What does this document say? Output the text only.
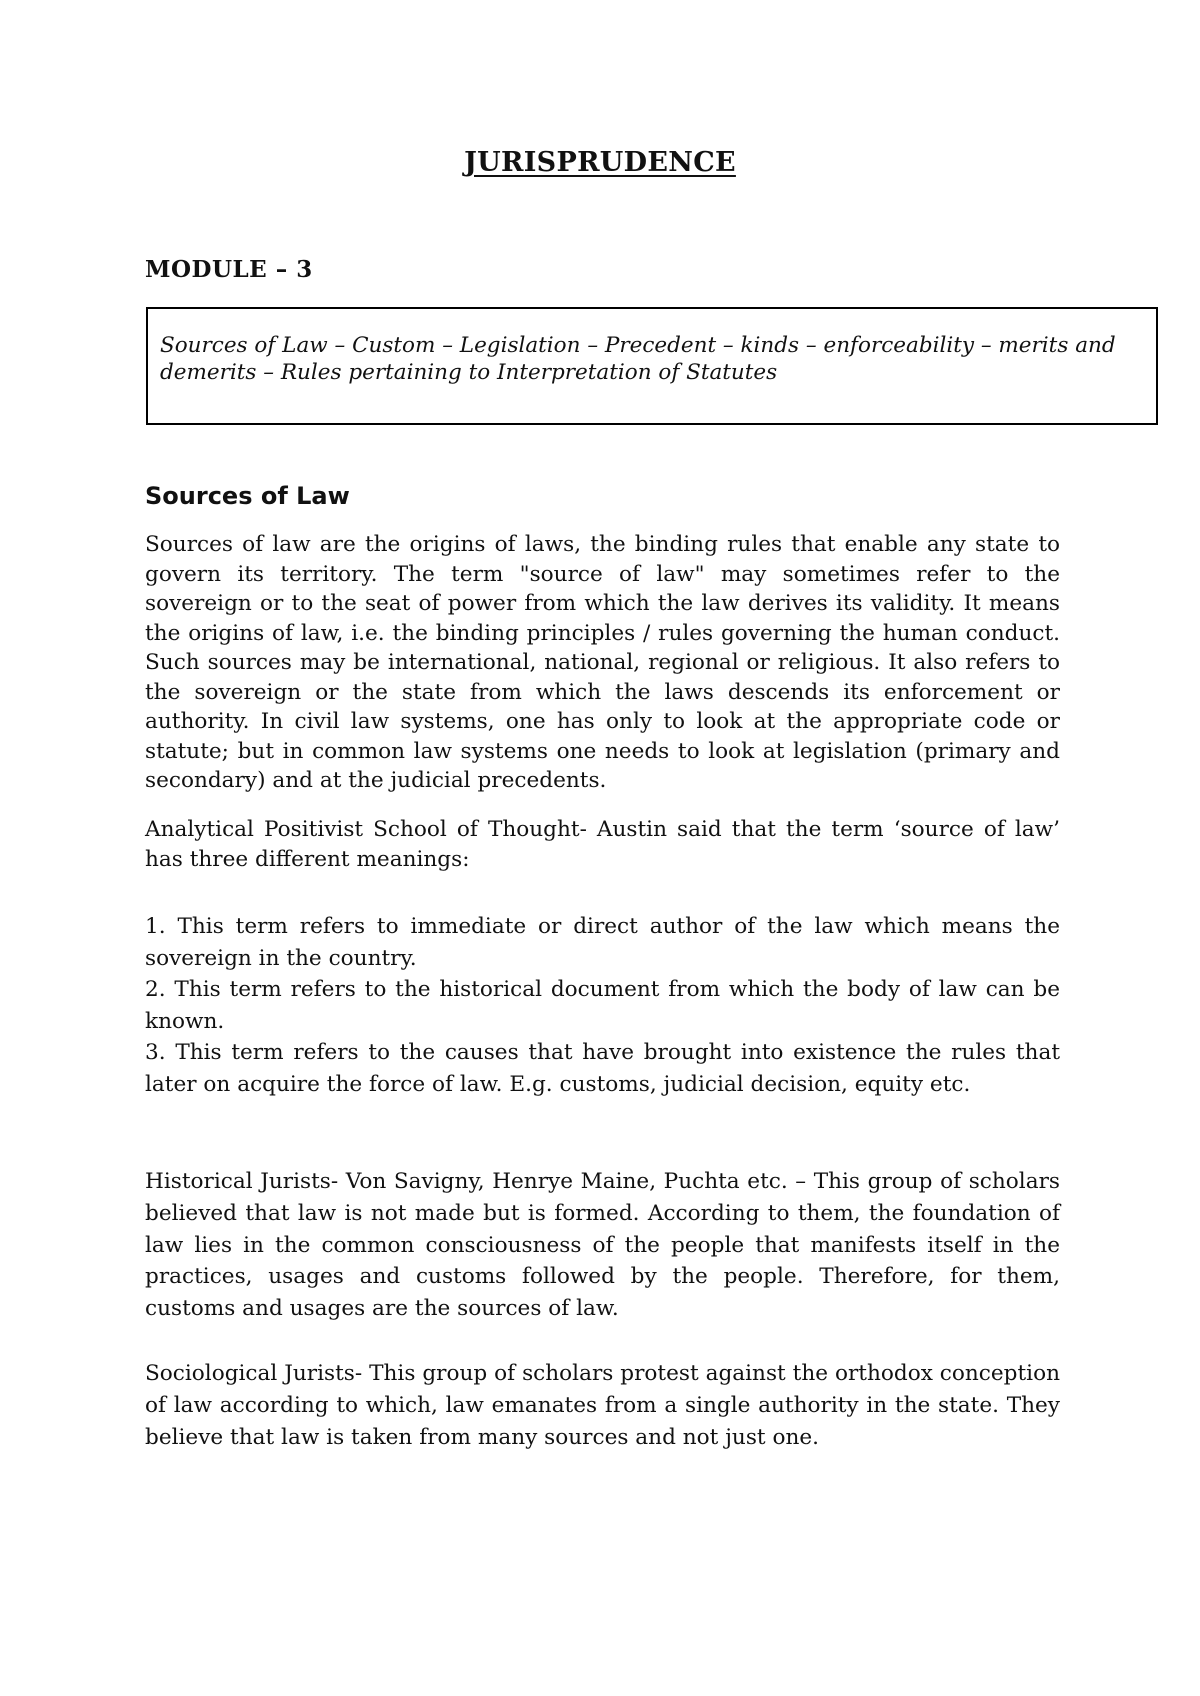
JURISPRUDENCE
MODULE – 3
Sources of Law – Custom – Legislation – Precedent – kinds – enforceability – merits and demerits – Rules pertaining to Interpretation of Statutes
Sources of Law

Sources of law are the origins of laws, the binding rules that enable any state to govern its territory. The term "source of law" may sometimes refer to the sovereign or to the seat of power from which the law derives its validity. It means the origins of law, i.e. the binding principles / rules governing the human conduct. Such sources may be international, national, regional or religious. It also refers to the sovereign or the state from which the laws descends its enforcement or authority. In civil law systems, one has only to look at the appropriate code or statute; but in common law systems one needs to look at legislation (primary and secondary) and at the judicial precedents.

Analytical Positivist School of Thought- Austin said that the term ‘source of law’ has three different meanings:

1. This term refers to immediate or direct author of the law which means the sovereign in the country.

2. This term refers to the historical document from which the body of law can be known.

3. This term refers to the causes that have brought into existence the rules that later on acquire the force of law. E.g. customs, judicial decision, equity etc.

Historical Jurists- Von Savigny, Henrye Maine, Puchta etc. – This group of scholars believed that law is not made but is formed. According to them, the foundation of law lies in the common consciousness of the people that manifests itself in the practices, usages and customs followed by the people. Therefore, for them, customs and usages are the sources of law.

Sociological Jurists- This group of scholars protest against the orthodox conception of law according to which, law emanates from a single authority in the state. They believe that law is taken from many sources and not just one.
